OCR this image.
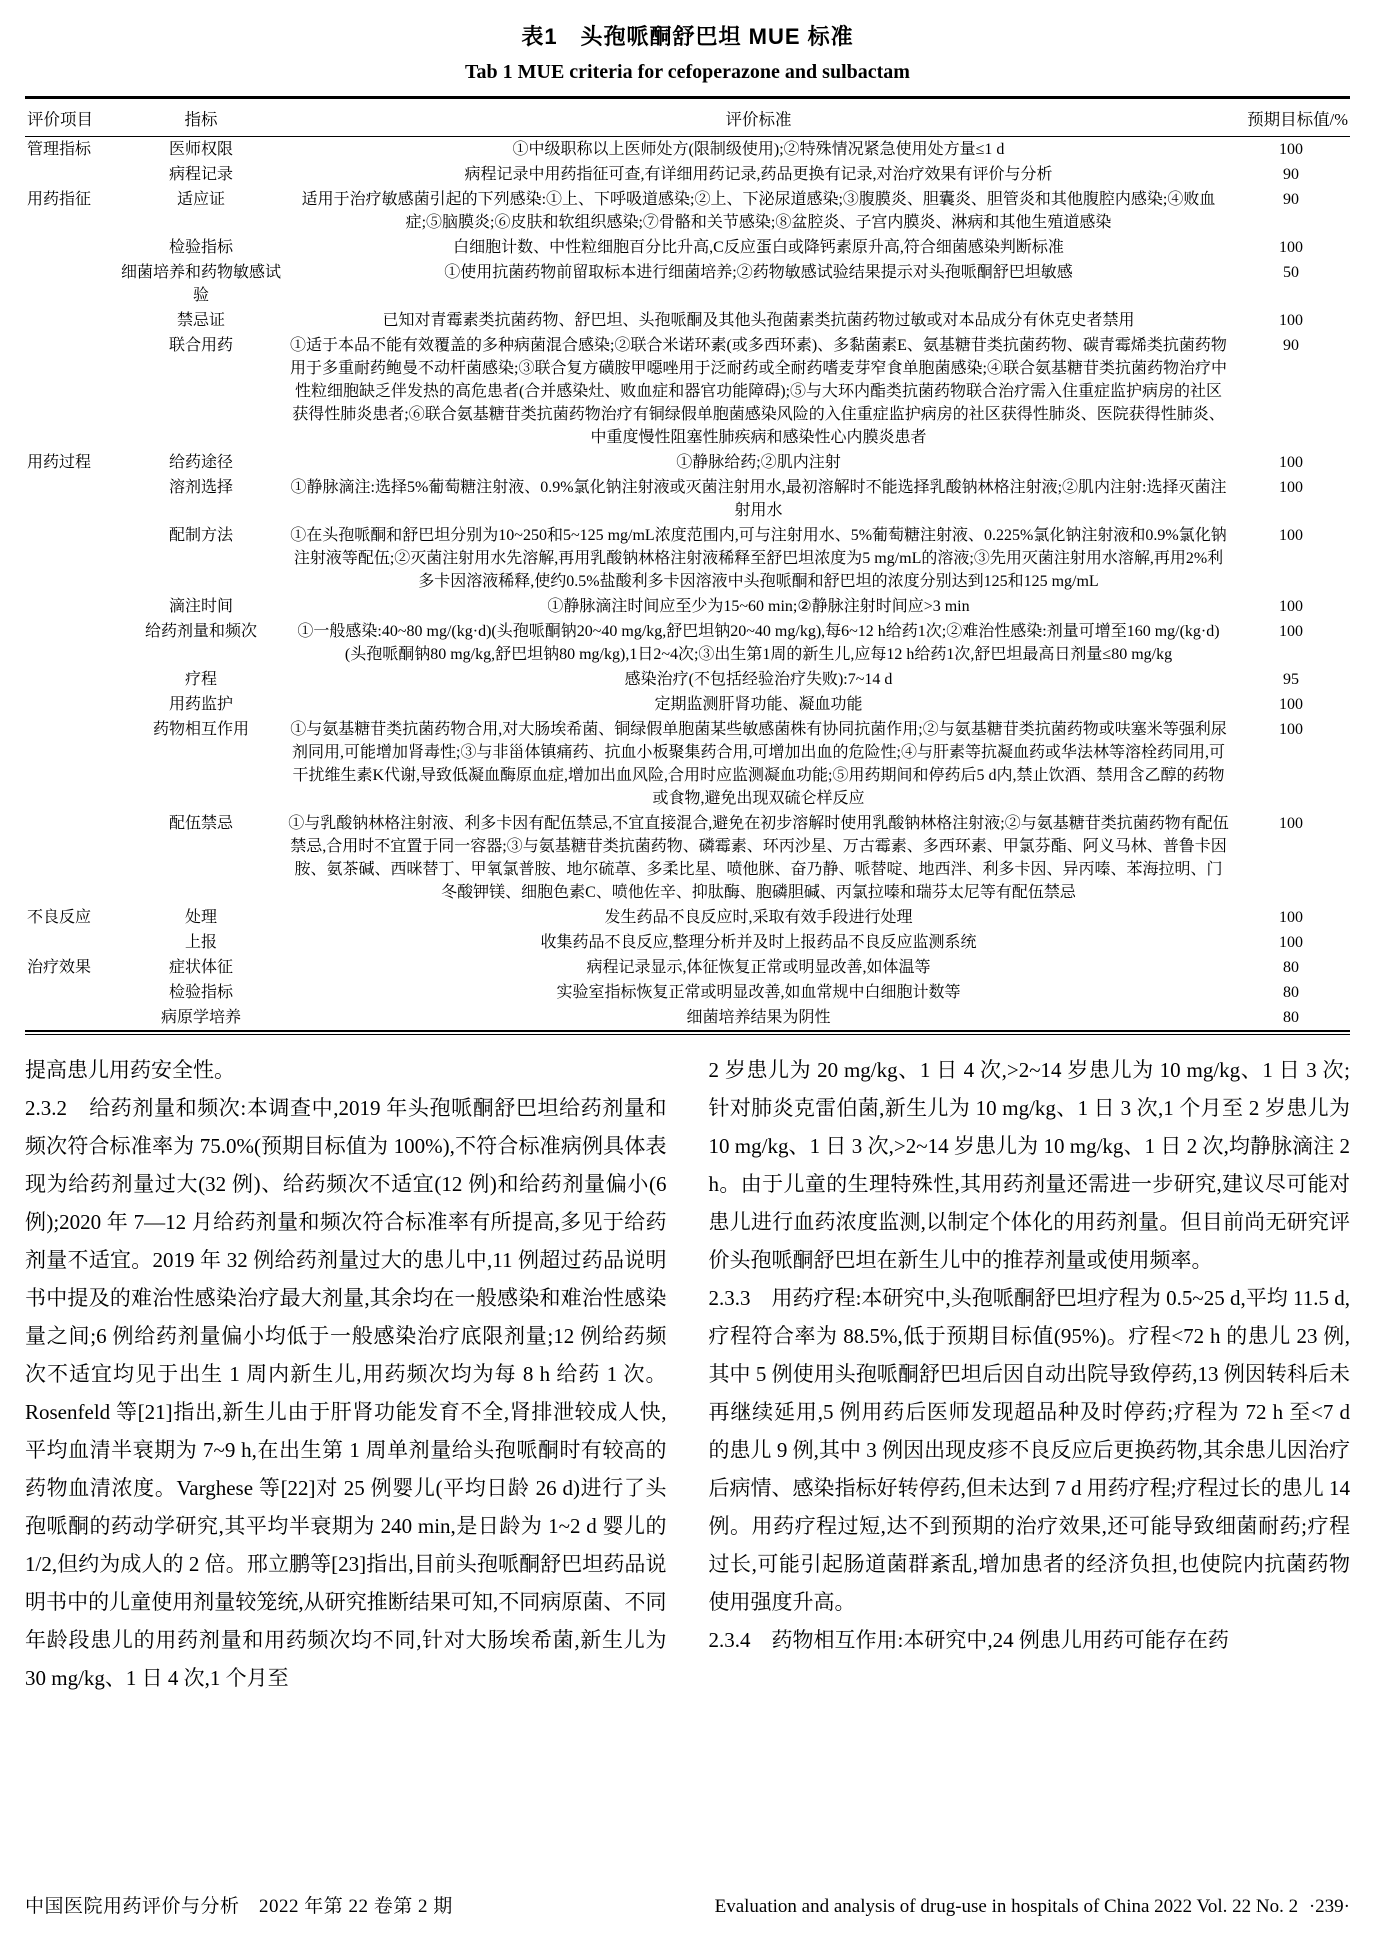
表1　头孢哌酮舒巴坦 MUE 标准
Tab 1 MUE criteria for cefoperazone and sulbactam
评价项目	指标	评价标准	预期目标值/%
管理指标	医师权限	①中级职称以上医师处方(限制级使用);②特殊情况紧急使用处方量≤1 d	100
	病程记录	病程记录中用药指征可查,有详细用药记录,药品更换有记录,对治疗效果有评价与分析	90
用药指征	适应证	适用于治疗敏感菌引起的下列感染:①上、下呼吸道感染;②上、下泌尿道感染;③腹膜炎、胆囊炎、胆管炎和其他腹腔内感染;④败血症;⑤脑膜炎;⑥皮肤和软组织感染;⑦骨骼和关节感染;⑧盆腔炎、子宫内膜炎、淋病和其他生殖道感染	90
	检验指标	白细胞计数、中性粒细胞百分比升高,C反应蛋白或降钙素原升高,符合细菌感染判断标准	100
	细菌培养和药物敏感试验	①使用抗菌药物前留取标本进行细菌培养;②药物敏感试验结果提示对头孢哌酮舒巴坦敏感	50
	禁忌证	已知对青霉素类抗菌药物、舒巴坦、头孢哌酮及其他头孢菌素类抗菌药物过敏或对本品成分有休克史者禁用	100
	联合用药	①适于本品不能有效覆盖的多种病菌混合感染;②联合米诺环素(或多西环素)、多黏菌素E、氨基糖苷类抗菌药物、碳青霉烯类抗菌药物用于多重耐药鲍曼不动杆菌感染;③联合复方磺胺甲噁唑用于泛耐药或全耐药嗜麦芽窄食单胞菌感染;④联合氨基糖苷类抗菌药物治疗中性粒细胞缺乏伴发热的高危患者(合并感染灶、败血症和器官功能障碍);⑤与大环内酯类抗菌药物联合治疗需入住重症监护病房的社区获得性肺炎患者;⑥联合氨基糖苷类抗菌药物治疗有铜绿假单胞菌感染风险的入住重症监护病房的社区获得性肺炎、医院获得性肺炎、中重度慢性阻塞性肺疾病和感染性心内膜炎患者	90
用药过程	给药途径	①静脉给药;②肌内注射	100
	溶剂选择	①静脉滴注:选择5%葡萄糖注射液、0.9%氯化钠注射液或灭菌注射用水,最初溶解时不能选择乳酸钠林格注射液;②肌内注射:选择灭菌注射用水	100
	配制方法	①在头孢哌酮和舒巴坦分别为10~250和5~125 mg/mL浓度范围内,可与注射用水、5%葡萄糖注射液、0.225%氯化钠注射液和0.9%氯化钠注射液等配伍;②灭菌注射用水先溶解,再用乳酸钠林格注射液稀释至舒巴坦浓度为5 mg/mL的溶液;③先用灭菌注射用水溶解,再用2%利多卡因溶液稀释,使约0.5%盐酸利多卡因溶液中头孢哌酮和舒巴坦的浓度分别达到125和125 mg/mL	100
	滴注时间	①静脉滴注时间应至少为15~60 min;②静脉注射时间应>3 min	100
	给药剂量和频次	①一般感染:40~80 mg/(kg·d)(头孢哌酮钠20~40 mg/kg,舒巴坦钠20~40 mg/kg),每6~12 h给药1次;②难治性感染:剂量可增至160 mg/(kg·d)(头孢哌酮钠80 mg/kg,舒巴坦钠80 mg/kg),1日2~4次;③出生第1周的新生儿,应每12 h给药1次,舒巴坦最高日剂量≤80 mg/kg	100
	疗程	感染治疗(不包括经验治疗失败):7~14 d	95
	用药监护	定期监测肝肾功能、凝血功能	100
	药物相互作用	①与氨基糖苷类抗菌药物合用,对大肠埃希菌、铜绿假单胞菌某些敏感菌株有协同抗菌作用;②与氨基糖苷类抗菌药物或呋塞米等强利尿剂同用,可能增加肾毒性;③与非甾体镇痛药、抗血小板聚集药合用,可增加出血的危险性;④与肝素等抗凝血药或华法林等溶栓药同用,可干扰维生素K代谢,导致低凝血酶原血症,增加出血风险,合用时应监测凝血功能;⑤用药期间和停药后5 d内,禁止饮酒、禁用含乙醇的药物或食物,避免出现双硫仑样反应	100
	配伍禁忌	①与乳酸钠林格注射液、利多卡因有配伍禁忌,不宜直接混合,避免在初步溶解时使用乳酸钠林格注射液;②与氨基糖苷类抗菌药物有配伍禁忌,合用时不宜置于同一容器;③与氨基糖苷类抗菌药物、磷霉素、环丙沙星、万古霉素、多西环素、甲氯芬酯、阿义马林、普鲁卡因胺、氨茶碱、西咪替丁、甲氧氯普胺、地尔硫䓬、多柔比星、喷他脒、奋乃静、哌替啶、地西泮、利多卡因、异丙嗪、苯海拉明、门冬酸钾镁、细胞色素C、喷他佐辛、抑肽酶、胞磷胆碱、丙氯拉嗪和瑞芬太尼等有配伍禁忌	100
不良反应	处理	发生药品不良反应时,采取有效手段进行处理	100
	上报	收集药品不良反应,整理分析并及时上报药品不良反应监测系统	100
治疗效果	症状体征	病程记录显示,体征恢复正常或明显改善,如体温等	80
	检验指标	实验室指标恢复正常或明显改善,如血常规中白细胞计数等	80
	病原学培养	细菌培养结果为阴性	80

提高患儿用药安全性。

2.3.2　给药剂量和频次:本调查中,2019 年头孢哌酮舒巴坦给药剂量和频次符合标准率为 75.0%(预期目标值为 100%),不符合标准病例具体表现为给药剂量过大(32 例)、给药频次不适宜(12 例)和给药剂量偏小(6 例);2020 年 7—12 月给药剂量和频次符合标准率有所提高,多见于给药剂量不适宜。2019 年 32 例给药剂量过大的患儿中,11 例超过药品说明书中提及的难治性感染治疗最大剂量,其余均在一般感染和难治性感染量之间;6 例给药剂量偏小均低于一般感染治疗底限剂量;12 例给药频次不适宜均见于出生 1 周内新生儿,用药频次均为每 8 h 给药 1 次。Rosenfeld 等[21]指出,新生儿由于肝肾功能发育不全,肾排泄较成人快,平均血清半衰期为 7~9 h,在出生第 1 周单剂量给头孢哌酮时有较高的药物血清浓度。Varghese 等[22]对 25 例婴儿(平均日龄 26 d)进行了头孢哌酮的药动学研究,其平均半衰期为 240 min,是日龄为 1~2 d 婴儿的 1/2,但约为成人的 2 倍。邢立鹏等[23]指出,目前头孢哌酮舒巴坦药品说明书中的儿童使用剂量较笼统,从研究推断结果可知,不同病原菌、不同年龄段患儿的用药剂量和用药频次均不同,针对大肠埃希菌,新生儿为 30 mg/kg、1 日 4 次,1 个月至

2 岁患儿为 20 mg/kg、1 日 4 次,>2~14 岁患儿为 10 mg/kg、1 日 3 次;针对肺炎克雷伯菌,新生儿为 10 mg/kg、1 日 3 次,1 个月至 2 岁患儿为 10 mg/kg、1 日 3 次,>2~14 岁患儿为 10 mg/kg、1 日 2 次,均静脉滴注 2 h。由于儿童的生理特殊性,其用药剂量还需进一步研究,建议尽可能对患儿进行血药浓度监测,以制定个体化的用药剂量。但目前尚无研究评价头孢哌酮舒巴坦在新生儿中的推荐剂量或使用频率。

2.3.3　用药疗程:本研究中,头孢哌酮舒巴坦疗程为 0.5~25 d,平均 11.5 d,疗程符合率为 88.5%,低于预期目标值(95%)。疗程<72 h 的患儿 23 例,其中 5 例使用头孢哌酮舒巴坦后因自动出院导致停药,13 例因转科后未再继续延用,5 例用药后医师发现超品种及时停药;疗程为 72 h 至<7 d 的患儿 9 例,其中 3 例因出现皮疹不良反应后更换药物,其余患儿因治疗后病情、感染指标好转停药,但未达到 7 d 用药疗程;疗程过长的患儿 14 例。用药疗程过短,达不到预期的治疗效果,还可能导致细菌耐药;疗程过长,可能引起肠道菌群紊乱,增加患者的经济负担,也使院内抗菌药物使用强度升高。

2.3.4　药物相互作用:本研究中,24 例患儿用药可能存在药

中国医院用药评价与分析　2022 年第 22 卷第 2 期	Evaluation and analysis of drug-use in hospitals of China 2022 Vol. 22 No. 2 ·239·
